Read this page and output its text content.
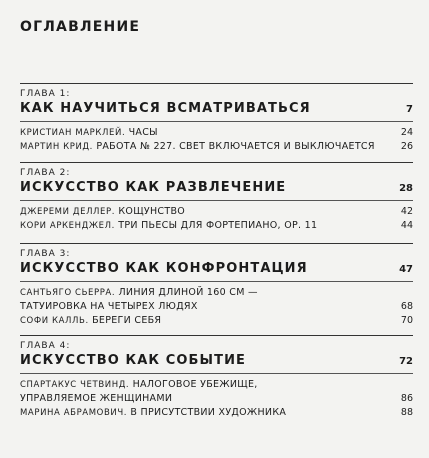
ОГЛАВЛЕНИЕ
ГЛАВА 1:
КАК НАУЧИТЬСЯ ВСМАТРИВАТЬСЯ	7
КРИСТИАН МАРКЛЕЙ. ЧАСЫ	24
МАРТИН КРИД. РАБОТА № 227. СВЕТ ВКЛЮЧАЕТСЯ И ВЫКЛЮЧАЕТСЯ	26
ГЛАВА 2:
ИСКУССТВО КАК РАЗВЛЕЧЕНИЕ	28
ДЖЕРЕМИ ДЕЛЛЕР. КОЩУНСТВО	42
КОРИ АРКЕНДЖЕЛ. ТРИ ПЬЕСЫ ДЛЯ ФОРТЕПИАНО, ОР. 11	44
ГЛАВА 3:
ИСКУССТВО КАК КОНФРОНТАЦИЯ	47
САНТЬЯГО СЬЕРРА. ЛИНИЯ ДЛИНОЙ 160 СМ — ТАТУИРОВКА НА ЧЕТЫРЕХ ЛЮДЯХ	68
СОФИ КАЛЛЬ. БЕРЕГИ СЕБЯ	70
ГЛАВА 4:
ИСКУССТВО КАК СОБЫТИЕ	72
СПАРТАКУС ЧЕТВИНД. НАЛОГОВОЕ УБЕЖИЩЕ, УПРАВЛЯЕМОЕ ЖЕНЩИНАМИ	86
МАРИНА АБРАМОВИЧ. В ПРИСУТСТВИИ ХУДОЖНИКА	88
